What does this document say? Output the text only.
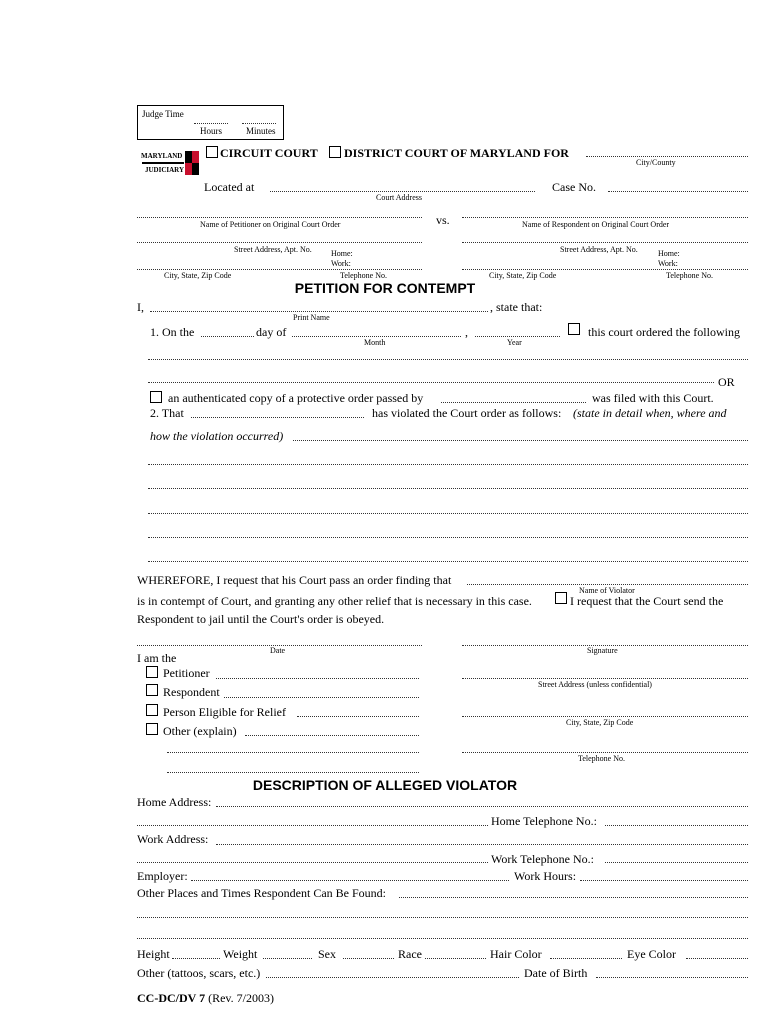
Judge Time
Hours	Minutes
MARYLAND
JUDICIARY
CIRCUIT COURT DISTRICT COURT OF MARYLAND FOR
City/County
Located at
Court Address
Case No.
Name of Petitioner on Original Court Order	vs.	Name of Respondent on Original Court Order
Street Address, Apt. No. Home:
Work:
Street Address, Apt. No.	Home:
Work:
City, State, Zip Code	Telephone No.	City, State, Zip Code	Telephone No.
PETITION FOR CONTEMPT
I,	, state that:
Print Name
1. On the	day of	,	this court ordered the following
Month	Year
OR
an authenticated copy of a protective order passed by	was filed with this Court.
2. That	has violated the Court order as follows: (state in detail when, where and
how the violation occurred)
WHEREFORE, I request that his Court pass an order finding that
Name of Violator
is in contempt of Court, and granting any other relief that is necessary in this case.	I request that the Court send the
Respondent to jail until the Court's order is obeyed.
Date	Signature
I am the
Petitioner
Street Address (unless confidential)
Respondent
Person Eligible for Relief
City, State, Zip Code
Other (explain)
Telephone No.
DESCRIPTION OF ALLEGED VIOLATOR
Home Address:
Home Telephone No.:
Work Address:
Work Telephone No.:
Employer:	Work Hours:
Other Places and Times Respondent Can Be Found:
Height	Weight	Sex	Race	Hair Color	Eye Color
Other (tattoos, scars, etc.)	Date of Birth
CC-DC/DV 7 (Rev. 7/2003)
